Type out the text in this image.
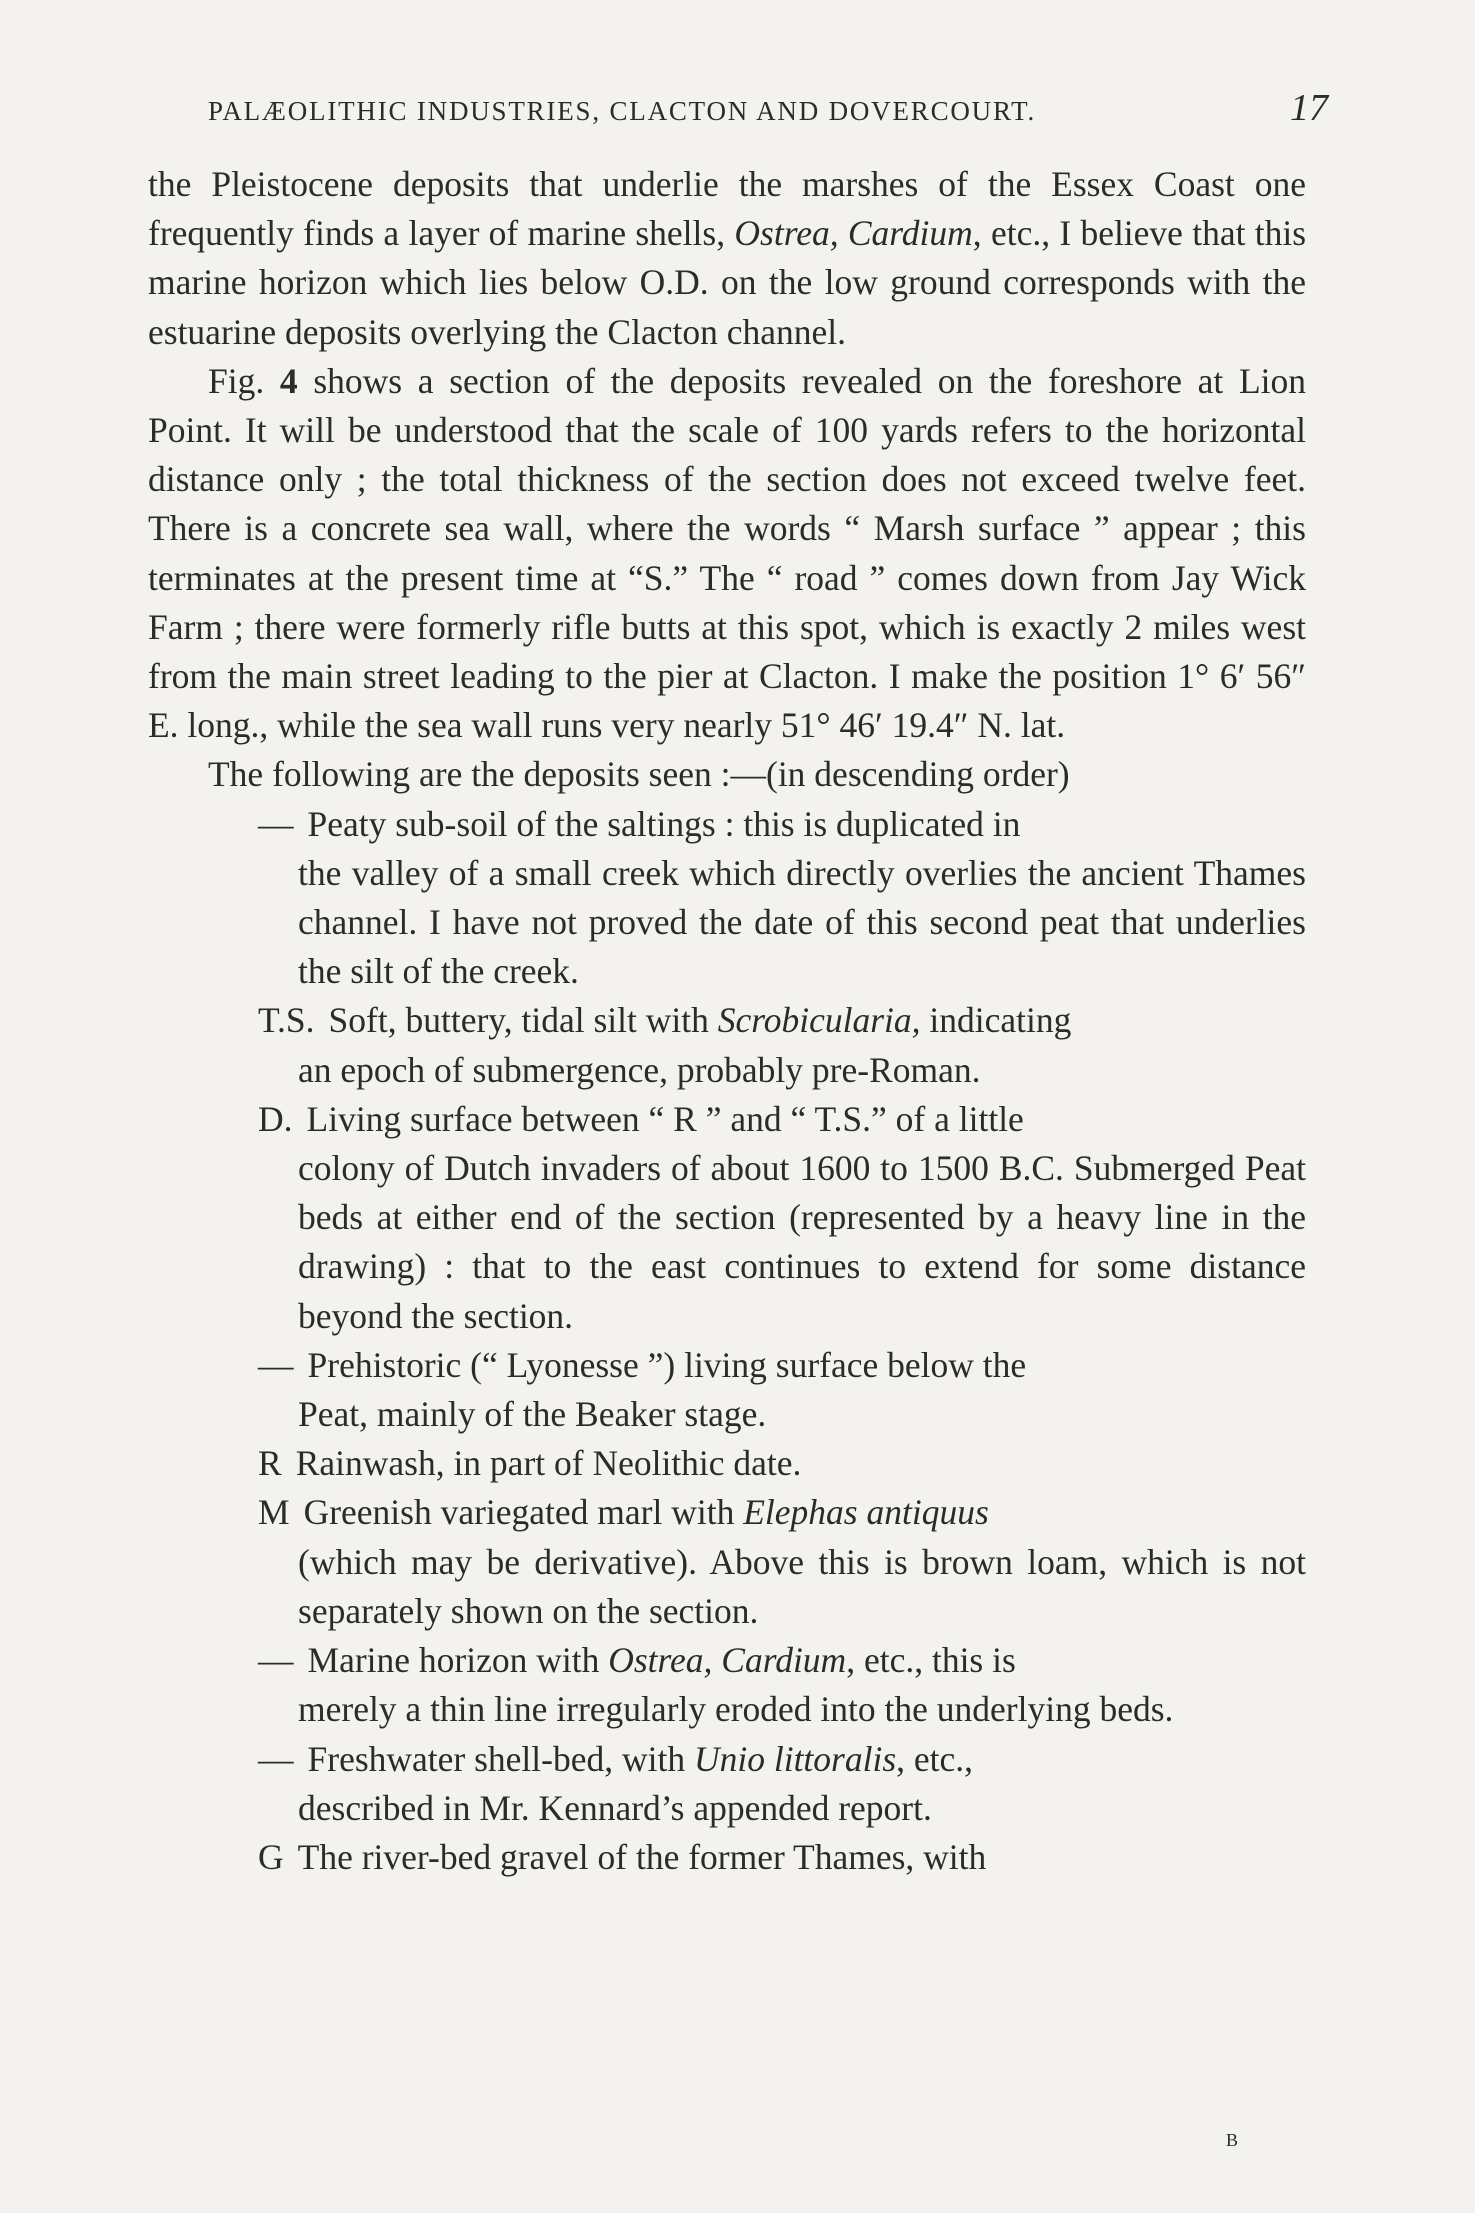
PALÆOLITHIC INDUSTRIES, CLACTON AND DOVERCOURT.	17

the Pleistocene deposits that underlie the marshes of the Essex Coast one frequently finds a layer of marine shells, Ostrea, Cardium, etc., I believe that this marine horizon which lies below O.D. on the low ground corresponds with the estuarine deposits overlying the Clacton channel.

Fig. 4 shows a section of the deposits revealed on the foreshore at Lion Point. It will be understood that the scale of 100 yards refers to the horizontal distance only ; the total thickness of the section does not exceed twelve feet. There is a concrete sea wall, where the words “ Marsh surface ” appear ; this terminates at the present time at “S.” The “ road ” comes down from Jay Wick Farm ; there were formerly rifle butts at this spot, which is exactly 2 miles west from the main street leading to the pier at Clacton. I make the position 1° 6′ 56″ E. long., while the sea wall runs very nearly 51° 46′ 19.4″ N. lat.

The following are the deposits seen :—(in descending order)

— Peaty sub-soil of the saltings : this is duplicated in
the valley of a small creek which directly overlies the ancient Thames channel. I have not proved the date of this second peat that underlies the silt of the creek.
T.S. Soft, buttery, tidal silt with Scrobicularia, indicating
an epoch of submergence, probably pre-Roman.
D. Living surface between “ R ” and “ T.S.” of a little
colony of Dutch invaders of about 1600 to 1500 B.C. Submerged Peat beds at either end of the section (represented by a heavy line in the drawing) : that to the east continues to extend for some distance beyond the section.
— Prehistoric (“ Lyonesse ”) living surface below the
Peat, mainly of the Beaker stage.
R Rainwash, in part of Neolithic date.
M Greenish variegated marl with Elephas antiquus
(which may be derivative). Above this is brown loam, which is not separately shown on the section.
— Marine horizon with Ostrea, Cardium, etc., this is
merely a thin line irregularly eroded into the underlying beds.
— Freshwater shell-bed, with Unio littoralis, etc.,
described in Mr. Kennard’s appended report.
G The river-bed gravel of the former Thames, with
B
